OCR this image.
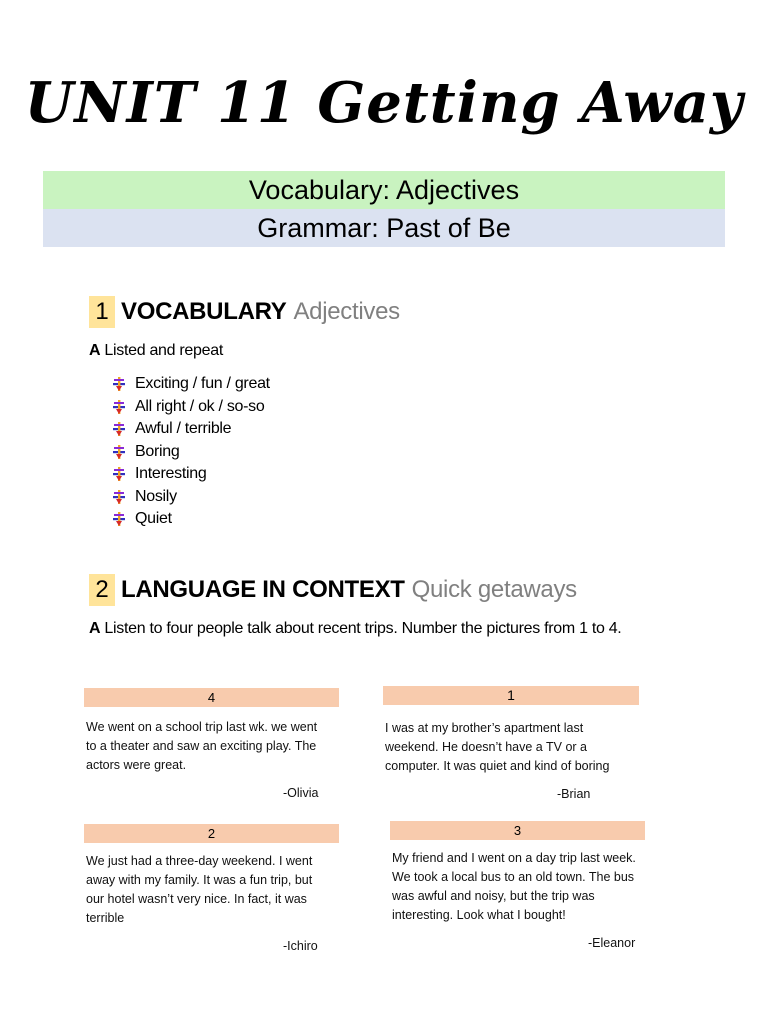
UNIT 11 Getting Away
Vocabulary: Adjectives
Grammar: Past of Be
1 VOCABULARY Adjectives
A Listed and repeat
Exciting / fun / great
All right / ok / so-so
Awful / terrible
Boring
Interesting
Nosily
Quiet
2 LANGUAGE IN CONTEXT Quick getaways
A Listen to four people talk about recent trips. Number the pictures from 1 to 4.
4
We went on a school trip last wk. we went
to a theater and saw an exciting play. The
actors were great.
-Olivia
1
I was at my brother’s apartment last
weekend. He doesn’t have a TV or a
computer. It was quiet and kind of boring
-Brian
2
We just had a three-day weekend. I went
away with my family. It was a fun trip, but
our hotel wasn’t very nice. In fact, it was
terrible
-Ichiro
3
My friend and I went on a day trip last week.
We took a local bus to an old town. The bus
was awful and noisy, but the trip was
interesting. Look what I bought!
-Eleanor
